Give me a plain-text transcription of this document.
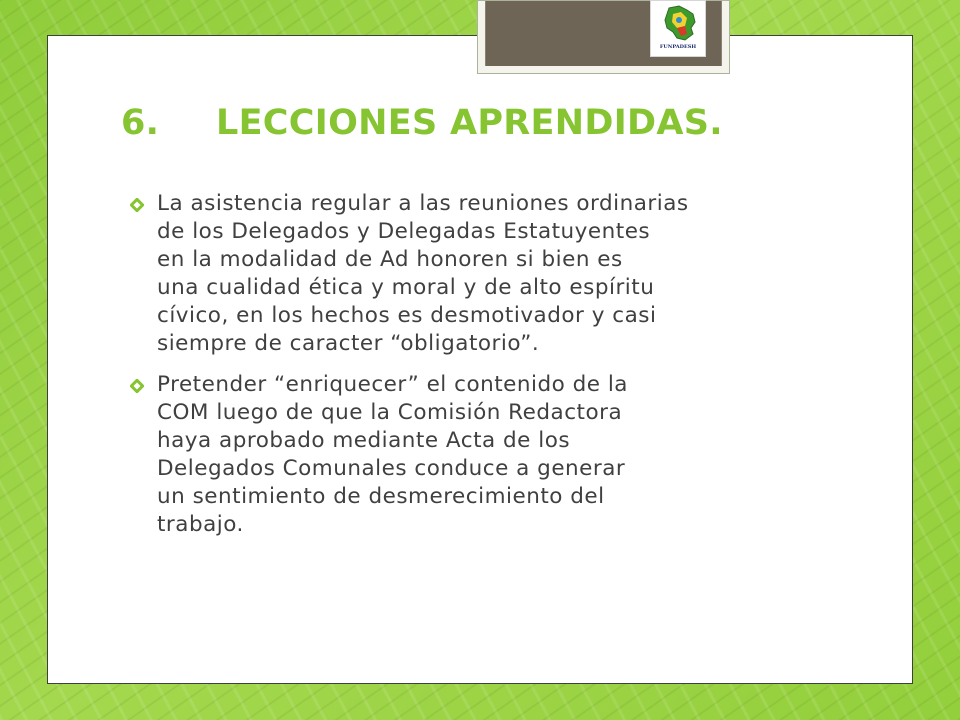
FUNPADESH
6. LECCIONES APRENDIDAS.
La asistencia regular a las reuniones ordinarias
de los Delegados y Delegadas Estatuyentes
en la modalidad de Ad honoren si bien es
una cualidad ética y moral y de alto espíritu
cívico, en los hechos es desmotivador y casi
siempre de caracter “obligatorio”.
Pretender “enriquecer” el contenido de la
COM luego de que la Comisión Redactora
haya aprobado mediante Acta de los
Delegados Comunales conduce a generar
un sentimiento de desmerecimiento del
trabajo.
